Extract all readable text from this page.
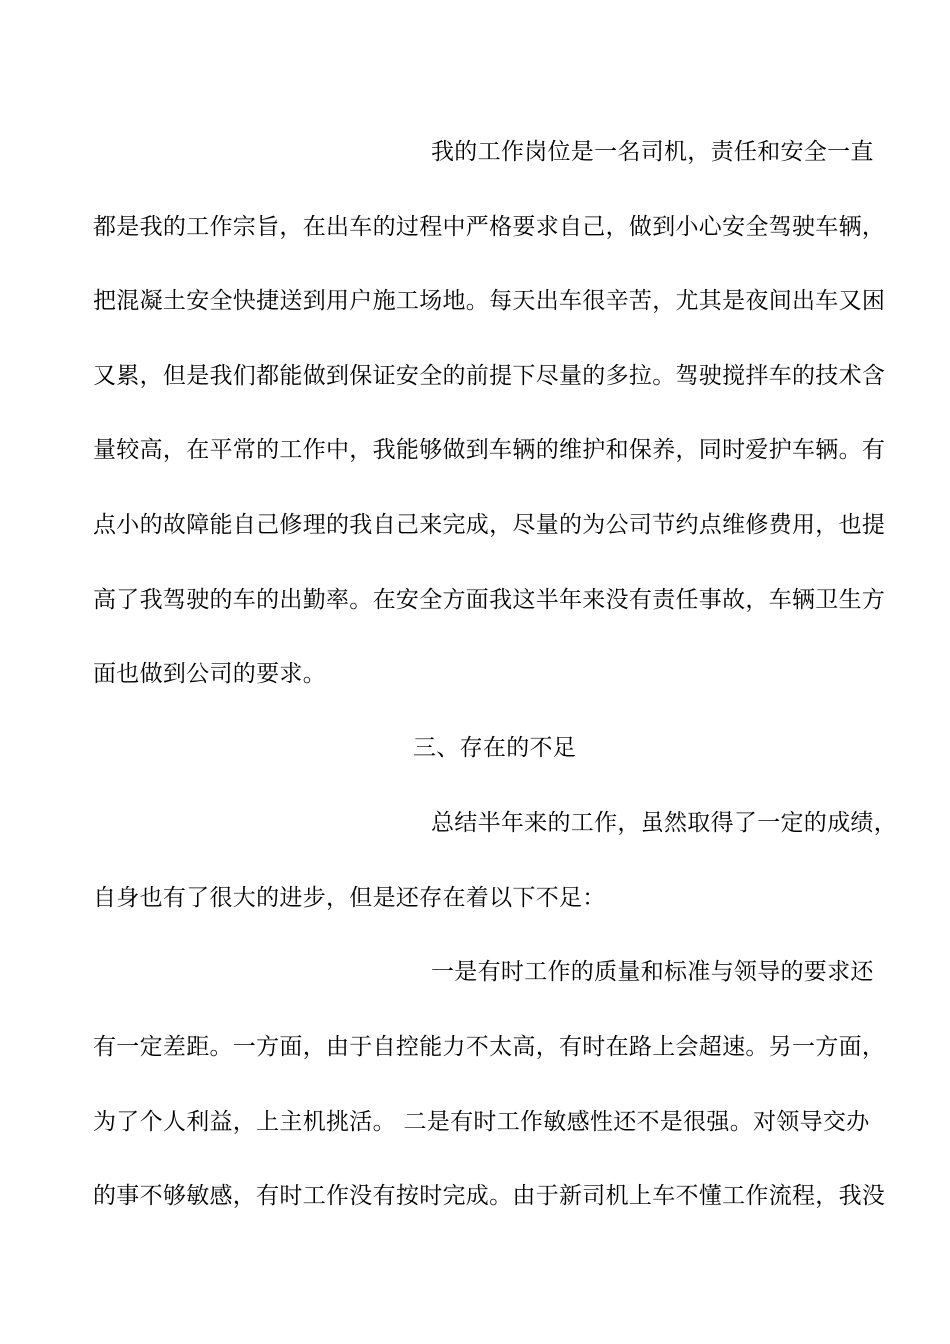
我的工作岗位是一名司机，责任和安全一直
都是我的工作宗旨，在出车的过程中严格要求自己，做到小心安全驾驶车辆，
把混凝土安全快捷送到用户施工场地。每天出车很辛苦，尤其是夜间出车又困
又累，但是我们都能做到保证安全的前提下尽量的多拉。驾驶搅拌车的技术含
量较高，在平常的工作中，我能够做到车辆的维护和保养，同时爱护车辆。有
点小的故障能自己修理的我自己来完成，尽量的为公司节约点维修费用，也提
高了我驾驶的车的出勤率。在安全方面我这半年来没有责任事故，车辆卫生方
面也做到公司的要求。
三、存在的不足
总结半年来的工作，虽然取得了一定的成绩，
自身也有了很大的进步，但是还存在着以下不足：
一是有时工作的质量和标准与领导的要求还
有一定差距。一方面，由于自控能力不太高，有时在路上会超速。另一方面，
为了个人利益，上主机挑活。 二是有时工作敏感性还不是很强。对领导交办
的事不够敏感，有时工作没有按时完成。由于新司机上车不懂工作流程，我没
